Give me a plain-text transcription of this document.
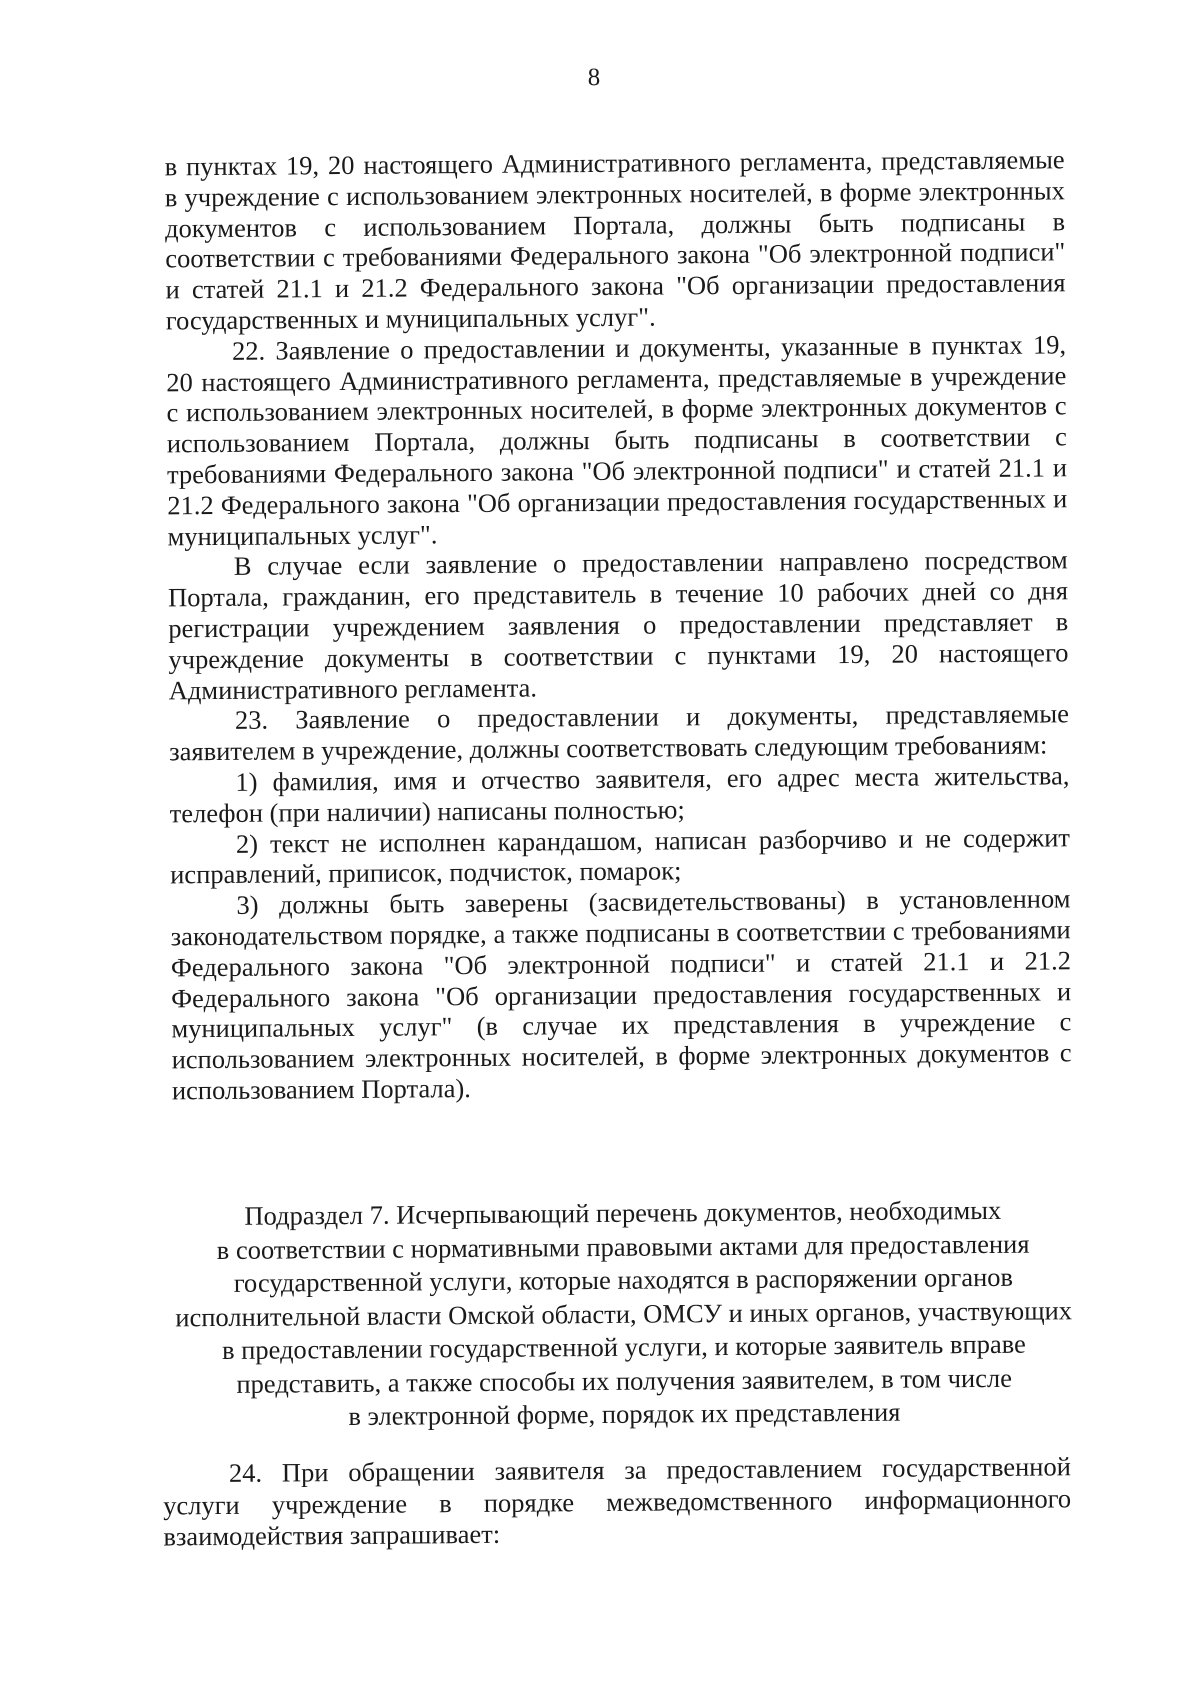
8

в пунктах 19, 20 настоящего Административного регламента, представляемые в учреждение с использованием электронных носителей, в форме электронных документов с использованием Портала, должны быть подписаны в соответствии с требованиями Федерального закона "Об электронной подписи" и статей 21.1 и 21.2 Федерального закона "Об организации предоставления государственных и муниципальных услуг".

22. Заявление о предоставлении и документы, указанные в пунктах 19, 20 настоящего Административного регламента, представляемые в учреждение с использованием электронных носителей, в форме электронных документов с использованием Портала, должны быть подписаны в соответствии с требованиями Федерального закона "Об электронной подписи" и статей 21.1 и 21.2 Федерального закона "Об организации предоставления государственных и муниципальных услуг".

В случае если заявление о предоставлении направлено посредством Портала, гражданин, его представитель в течение 10 рабочих дней со дня регистрации учреждением заявления о предоставлении представляет в учреждение документы в соответствии с пунктами 19, 20 настоящего Административного регламента.

23. Заявление о предоставлении и документы, представляемые заявителем в учреждение, должны соответствовать следующим требованиям:

1) фамилия, имя и отчество заявителя, его адрес места жительства, телефон (при наличии) написаны полностью;

2) текст не исполнен карандашом, написан разборчиво и не содержит исправлений, приписок, подчисток, помарок;

3) должны быть заверены (засвидетельствованы) в установленном законодательством порядке, а также подписаны в соответствии с требованиями Федерального закона "Об электронной подписи" и статей 21.1 и 21.2 Федерального закона "Об организации предоставления государственных и муниципальных услуг" (в случае их представления в учреждение с использованием электронных носителей, в форме электронных документов с использованием Портала).

Подраздел 7. Исчерпывающий перечень документов, необходимых
в соответствии с нормативными правовыми актами для предоставления
государственной услуги, которые находятся в распоряжении органов
исполнительной власти Омской области, ОМСУ и иных органов, участвующих
в предоставлении государственной услуги, и которые заявитель вправе
представить, а также способы их получения заявителем, в том числе
в электронной форме, порядок их представления

24. При обращении заявителя за предоставлением государственной услуги учреждение в порядке межведомственного информационного взаимодействия запрашивает:
